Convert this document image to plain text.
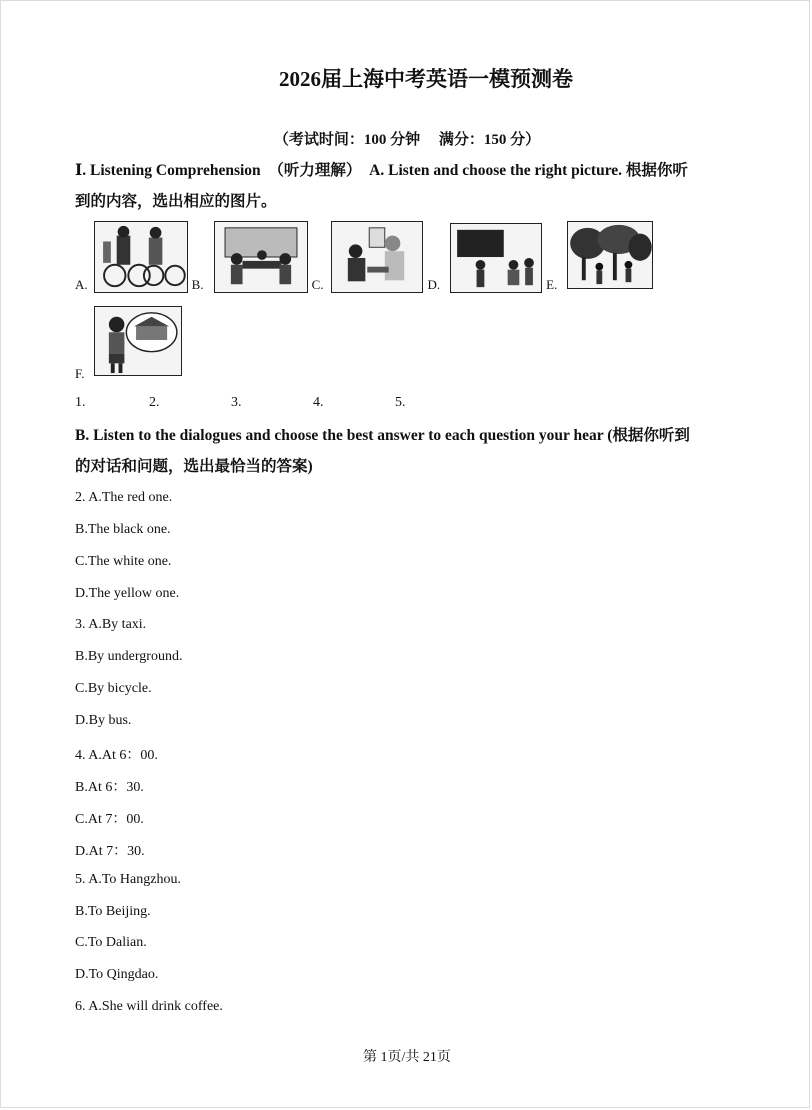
2026届上海中考英语一模预测卷
（考试时间：100 分钟　 满分：150 分）
Ⅰ. Listening Comprehension　（听力理解）　A. Listen and choose the right picture. 根据你听
到的内容，选出相应的图片。
A.	B.	C.	D.	E.
F.
1.	2.	3.	4.	5.
B. Listen to the dialogues and choose the best answer to each question your hear (根据你听到
的对话和问题，选出最恰当的答案)
2. A.The red one.
B.The black one.
C.The white one.
D.The yellow one.
3. A.By taxi.
B.By underground.
C.By bicycle.
D.By bus.
4. A.At 6：00.
B.At 6：30.
C.At 7：00.
D.At 7：30.
5. A.To Hangzhou.
B.To Beijing.
C.To Dalian.
D.To Qingdao.
6. A.She will drink coffee.
第 1页/共 21页
